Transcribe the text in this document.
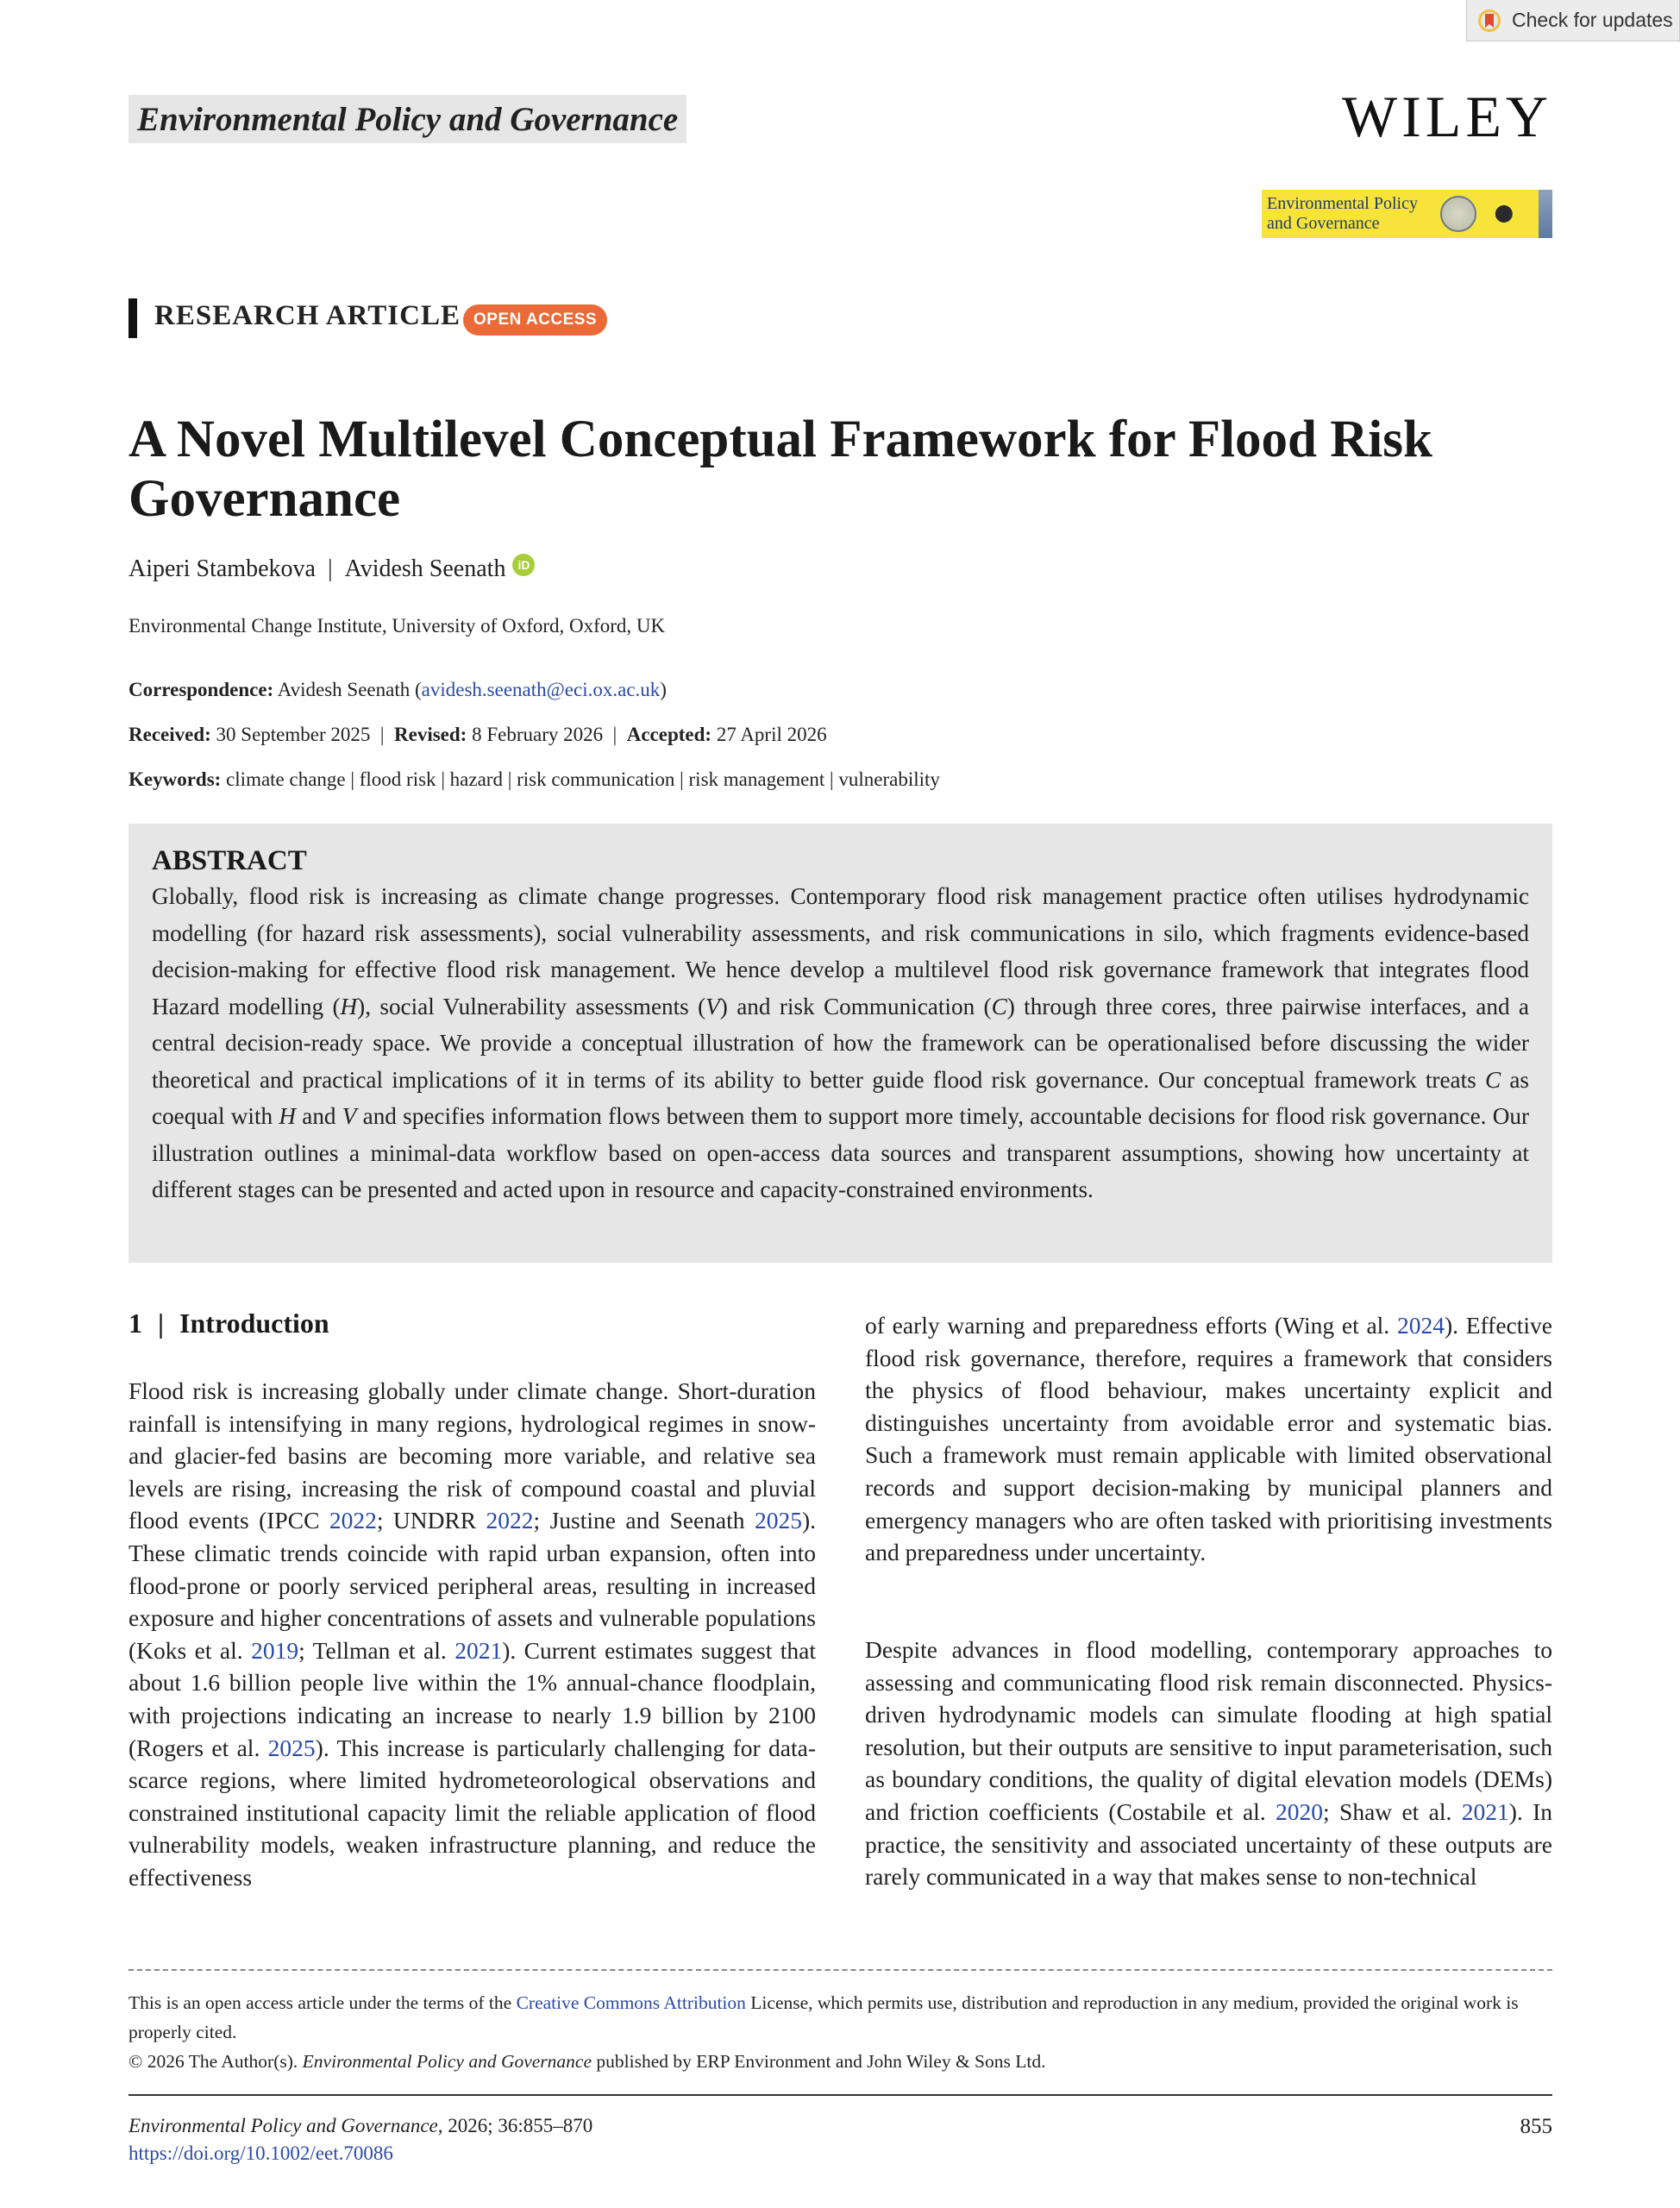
Check for updates
Environmental Policy and Governance	WILEY
Environmental Policy
and Governance
RESEARCH ARTICLE OPEN ACCESS
A Novel Multilevel Conceptual Framework for Flood Risk Governance
Aiperi Stambekova | Avidesh Seenath	iD
Environmental Change Institute, University of Oxford, Oxford, UK
Correspondence: Avidesh Seenath (avidesh.seenath@eci.ox.ac.uk)
Received: 30 September 2025  |  Revised: 8 February 2026  |  Accepted: 27 April 2026
Keywords: climate change | flood risk | hazard | risk communication | risk management | vulnerability
ABSTRACT
Globally, flood risk is increasing as climate change progresses. Contemporary flood risk management practice often utilises hydrodynamic modelling (for hazard risk assessments), social vulnerability assessments, and risk communications in silo, which fragments evidence-based decision-making for effective flood risk management. We hence develop a multilevel flood risk governance framework that integrates flood Hazard modelling (H), social Vulnerability assessments (V) and risk Communication (C) through three cores, three pairwise interfaces, and a central decision-ready space. We provide a conceptual illustration of how the framework can be operationalised before discussing the wider theoretical and practical implications of it in terms of its ability to better guide flood risk governance. Our conceptual framework treats C as coequal with H and V and specifies information flows between them to support more timely, accountable decisions for flood risk governance. Our illustration outlines a minimal-data workflow based on open-access data sources and transparent assumptions, showing how uncertainty at different stages can be presented and acted upon in resource and capacity-constrained environments.
1 | Introduction

Flood risk is increasing globally under climate change. Short-duration rainfall is intensifying in many regions, hydrological regimes in snow- and glacier-fed basins are becoming more variable, and relative sea levels are rising, increasing the risk of compound coastal and pluvial flood events (IPCC 2022; UNDRR 2022; Justine and Seenath 2025). These climatic trends coincide with rapid urban expansion, often into flood-prone or poorly serviced peripheral areas, resulting in increased exposure and higher concentrations of assets and vulnerable populations (Koks et al. 2019; Tellman et al. 2021). Current estimates suggest that about 1.6 billion people live within the 1% annual-chance floodplain, with projections indicating an increase to nearly 1.9 billion by 2100 (Rogers et al. 2025). This increase is particularly challenging for data-scarce regions, where limited hydrometeorological observations and constrained institutional capacity limit the reliable application of flood vulnerability models, weaken infrastructure planning, and reduce the effectiveness

of early warning and preparedness efforts (Wing et al. 2024). Effective flood risk governance, therefore, requires a framework that considers the physics of flood behaviour, makes uncertainty explicit and distinguishes uncertainty from avoidable error and systematic bias. Such a framework must remain applicable with limited observational records and support decision-making by municipal planners and emergency managers who are often tasked with prioritising investments and preparedness under uncertainty.

Despite advances in flood modelling, contemporary approaches to assessing and communicating flood risk remain disconnected. Physics-driven hydrodynamic models can simulate flooding at high spatial resolution, but their outputs are sensitive to input parameterisation, such as boundary conditions, the quality of digital elevation models (DEMs) and friction coefficients (Costabile et al. 2020; Shaw et al. 2021). In practice, the sensitivity and associated uncertainty of these outputs are rarely communicated in a way that makes sense to non-technical

This is an open access article under the terms of the Creative Commons Attribution License, which permits use, distribution and reproduction in any medium, provided the original work is properly cited.
© 2026 The Author(s). Environmental Policy and Governance published by ERP Environment and John Wiley & Sons Ltd.
Environmental Policy and Governance, 2026; 36:855–870
https://doi.org/10.1002/eet.70086
855
